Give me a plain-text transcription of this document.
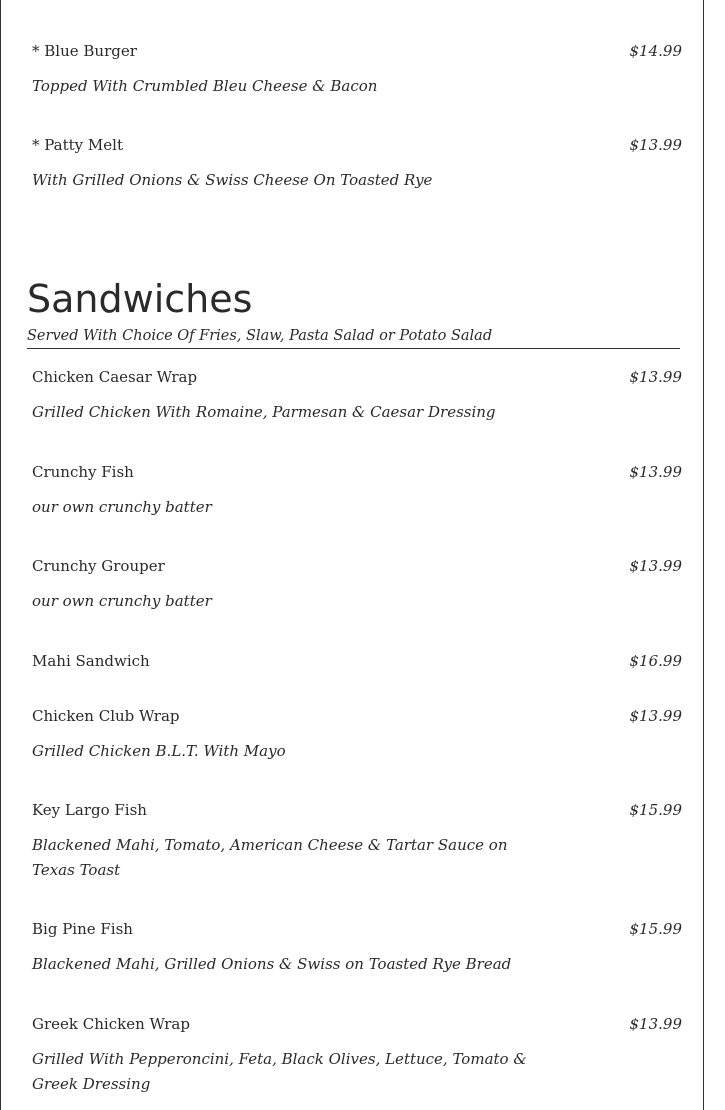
* Blue Burger	$14.99
Topped With Crumbled Bleu Cheese & Bacon
* Patty Melt	$13.99
With Grilled Onions & Swiss Cheese On Toasted Rye
Sandwiches
Served With Choice Of Fries, Slaw, Pasta Salad or Potato Salad
Chicken Caesar Wrap	$13.99
Grilled Chicken With Romaine, Parmesan & Caesar Dressing
Crunchy Fish	$13.99
our own crunchy batter
Crunchy Grouper	$13.99
our own crunchy batter
Mahi Sandwich	$16.99
Chicken Club Wrap	$13.99
Grilled Chicken B.L.T. With Mayo
Key Largo Fish	$15.99
Blackened Mahi, Tomato, American Cheese & Tartar Sauce on Texas Toast
Big Pine Fish	$15.99
Blackened Mahi, Grilled Onions & Swiss on Toasted Rye Bread
Greek Chicken Wrap	$13.99
Grilled With Pepperoncini, Feta, Black Olives, Lettuce, Tomato & Greek Dressing
